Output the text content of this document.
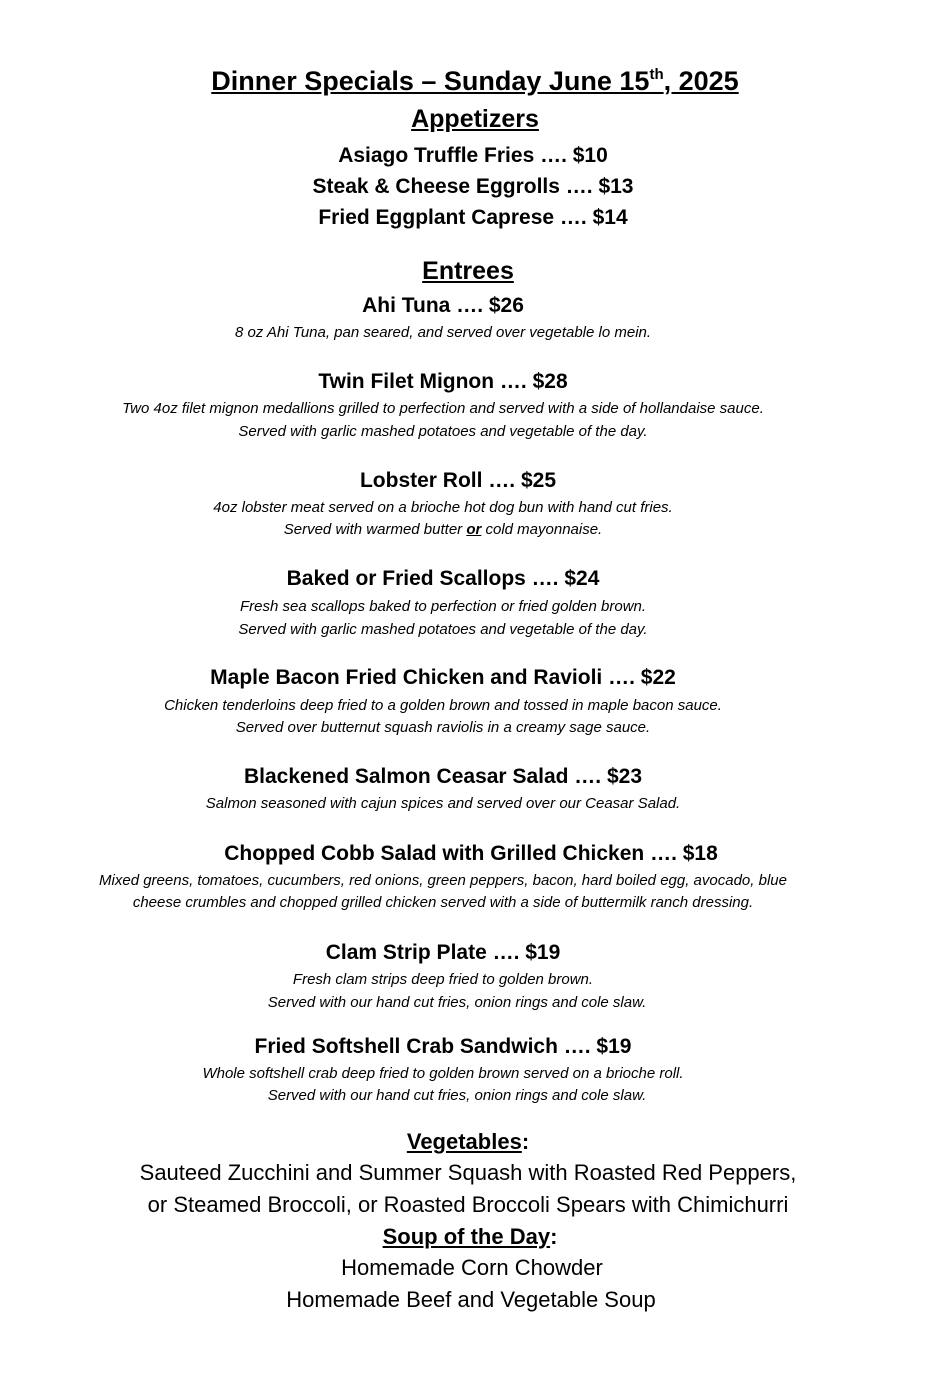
Dinner Specials – Sunday June 15th, 2025
Appetizers
Asiago Truffle Fries …. $10
Steak & Cheese Eggrolls …. $13
Fried Eggplant Caprese …. $14
Entrees
Ahi Tuna …. $26
8 oz Ahi Tuna, pan seared, and served over vegetable lo mein.
Twin Filet Mignon …. $28
Two 4oz filet mignon medallions grilled to perfection and served with a side of hollandaise sauce.
Served with garlic mashed potatoes and vegetable of the day.
Lobster Roll …. $25
4oz lobster meat served on a brioche hot dog bun with hand cut fries.
Served with warmed butter or cold mayonnaise.
Baked or Fried Scallops …. $24
Fresh sea scallops baked to perfection or fried golden brown.
Served with garlic mashed potatoes and vegetable of the day.
Maple Bacon Fried Chicken and Ravioli …. $22
Chicken tenderloins deep fried to a golden brown and tossed in maple bacon sauce.
Served over butternut squash raviolis in a creamy sage sauce.
Blackened Salmon Ceasar Salad …. $23
Salmon seasoned with cajun spices and served over our Ceasar Salad.
Chopped Cobb Salad with Grilled Chicken …. $18
Mixed greens, tomatoes, cucumbers, red onions, green peppers, bacon, hard boiled egg, avocado, blue
cheese crumbles and chopped grilled chicken served with a side of buttermilk ranch dressing.
Clam Strip Plate …. $19
Fresh clam strips deep fried to golden brown.
Served with our hand cut fries, onion rings and cole slaw.
Fried Softshell Crab Sandwich …. $19
Whole softshell crab deep fried to golden brown served on a brioche roll.
Served with our hand cut fries, onion rings and cole slaw.
Vegetables:
Sauteed Zucchini and Summer Squash with Roasted Red Peppers,
or Steamed Broccoli, or Roasted Broccoli Spears with Chimichurri
Soup of the Day:
Homemade Corn Chowder
Homemade Beef and Vegetable Soup
